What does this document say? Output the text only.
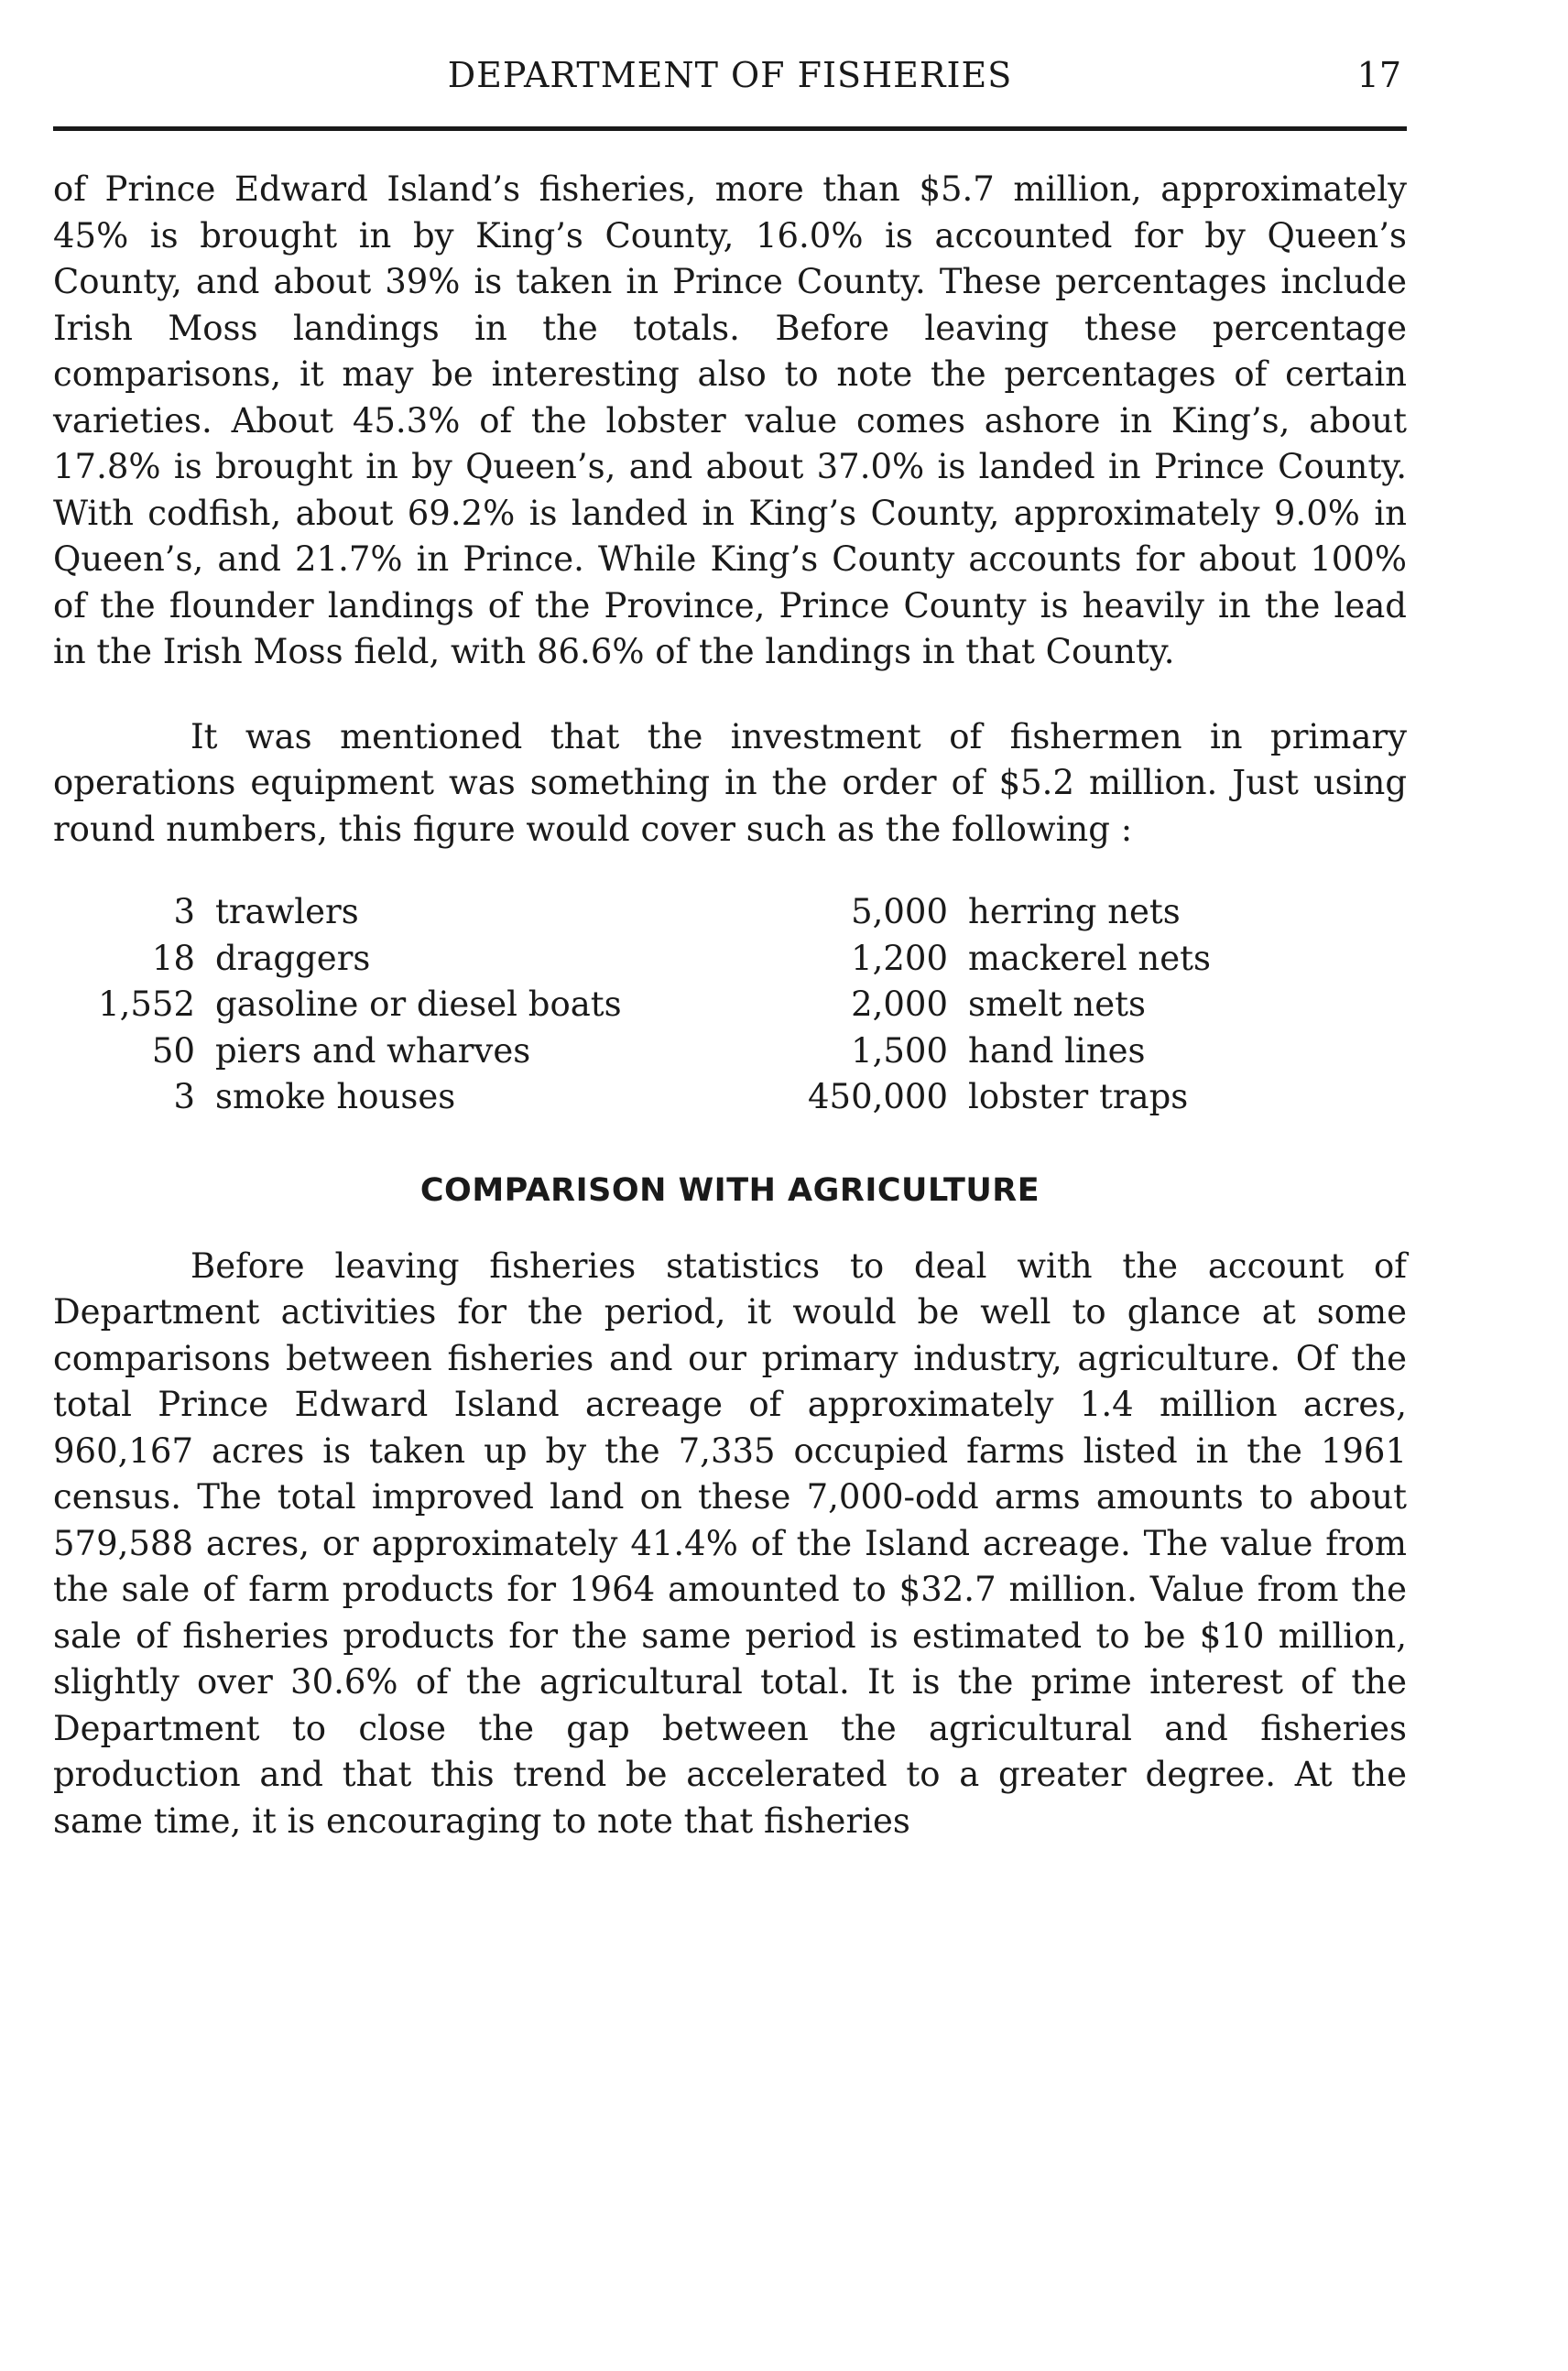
DEPARTMENT OF FISHERIES	17

of Prince Edward Island’s fisheries, more than $5.7 million, approximately 45% is brought in by King’s County, 16.0% is accounted for by Queen’s County, and about 39% is taken in Prince County. These percentages include Irish Moss landings in the totals. Before leaving these percentage comparisons, it may be interesting also to note the percentages of certain varieties. About 45.3% of the lobster value comes ashore in King’s, about 17.8% is brought in by Queen’s, and about 37.0% is landed in Prince County. With codfish, about 69.2% is landed in King’s County, approximately 9.0% in Queen’s, and 21.7% in Prince. While King’s County accounts for about 100% of the flounder landings of the Province, Prince County is heavily in the lead in the Irish Moss field, with 86.6% of the landings in that County.

It was mentioned that the investment of fishermen in primary operations equipment was something in the order of $5.2 million. Just using round numbers, this figure would cover such as the following :

3 trawlers
18 draggers
1,552 gasoline or diesel boats
50 piers and wharves
3 smoke houses
5,000 herring nets
1,200 mackerel nets
2,000 smelt nets
1,500 hand lines
450,000 lobster traps
COMPARISON WITH AGRICULTURE

Before leaving fisheries statistics to deal with the account of Department activities for the period, it would be well to glance at some comparisons between fisheries and our primary industry, agriculture. Of the total Prince Edward Island acreage of approximately 1.4 million acres, 960,167 acres is taken up by the 7,335 occupied farms listed in the 1961 census. The total improved land on these 7,000-odd arms amounts to about 579,588 acres, or approximately 41.4% of the Island acreage. The value from the sale of farm products for 1964 amounted to $32.7 million. Value from the sale of fisheries products for the same period is estimated to be $10 million, slightly over 30.6% of the agricultural total. It is the prime interest of the Department to close the gap between the agricultural and fisheries production and that this trend be accelerated to a greater degree. At the same time, it is encouraging to note that fisheries
